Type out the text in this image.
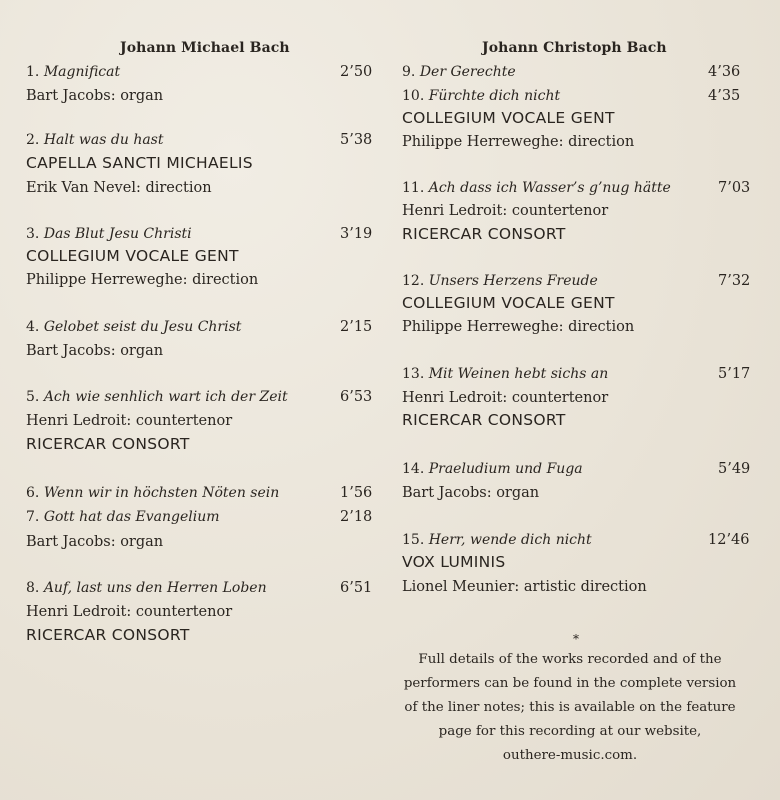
Johann Michael Bach
1. Magnificat	2’50
Bart Jacobs: organ
2. Halt was du hast	5’38
CAPELLA SANCTI MICHAELIS
Erik Van Nevel: direction
3. Das Blut Jesu Christi	3’19
COLLEGIUM VOCALE GENT
Philippe Herreweghe: direction
4. Gelobet seist du Jesu Christ	2’15
Bart Jacobs: organ
5. Ach wie senhlich wart ich der Zeit	6’53
Henri Ledroit: countertenor
RICERCAR CONSORT
6. Wenn wir in höchsten Nöten sein	1’56
7. Gott hat das Evangelium	2’18
Bart Jacobs: organ
8. Auf, last uns den Herren Loben	6’51
Henri Ledroit: countertenor
RICERCAR CONSORT
Johann Christoph Bach
9. Der Gerechte	4’36
10. Fürchte dich nicht	4’35
COLLEGIUM VOCALE GENT
Philippe Herreweghe: direction
11. Ach dass ich Wasser’s g’nug hätte	7’03
Henri Ledroit: countertenor
RICERCAR CONSORT
12. Unsers Herzens Freude	7’32
COLLEGIUM VOCALE GENT
Philippe Herreweghe: direction
13. Mit Weinen hebt sichs an	5’17
Henri Ledroit: countertenor
RICERCAR CONSORT
14. Praeludium und Fuga	5’49
Bart Jacobs: organ
15. Herr, wende dich nicht	12’46
VOX LUMINIS
Lionel Meunier: artistic direction
*
Full details of the works recorded and of the
performers can be found in the complete version
of the liner notes; this is available on the feature
page for this recording at our website,
outhere-music.com.
